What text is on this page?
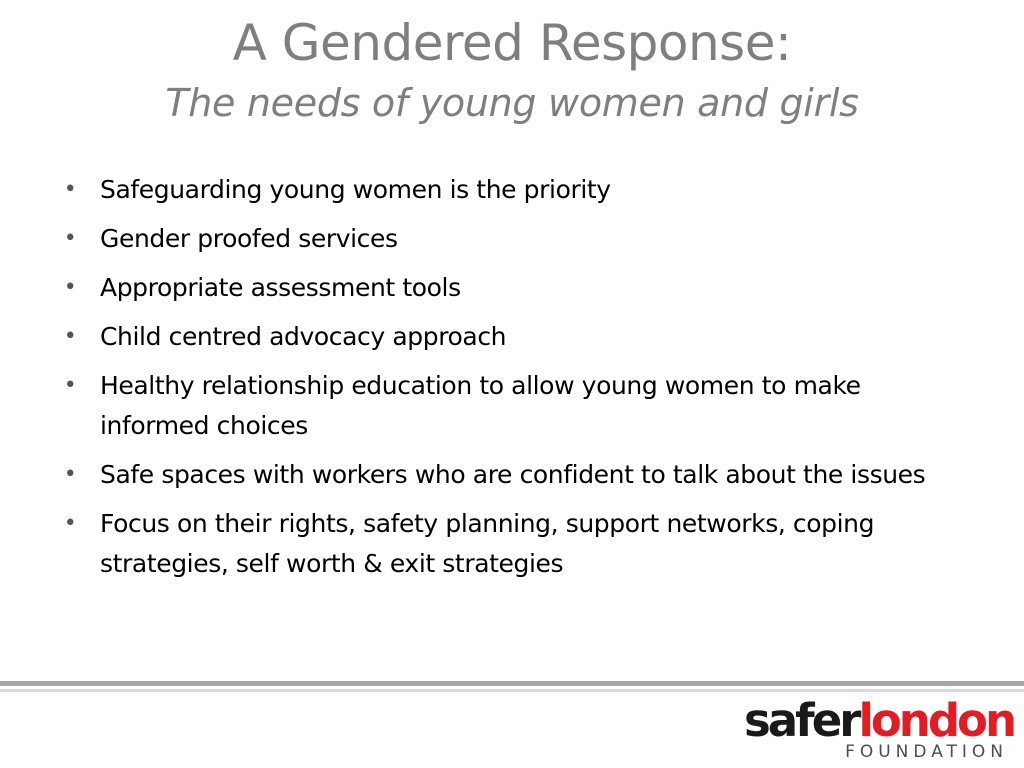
A Gendered Response:
The needs of young women and girls
• Safeguarding young women is the priority
• Gender proofed services
• Appropriate assessment tools
• Child centred advocacy approach
• Healthy relationship education to allow young women to make informed choices
• Safe spaces with workers who are confident to talk about the issues
• Focus on their rights, safety planning, support networks, coping strategies, self worth & exit strategies
saferlondon
FOUNDATION
